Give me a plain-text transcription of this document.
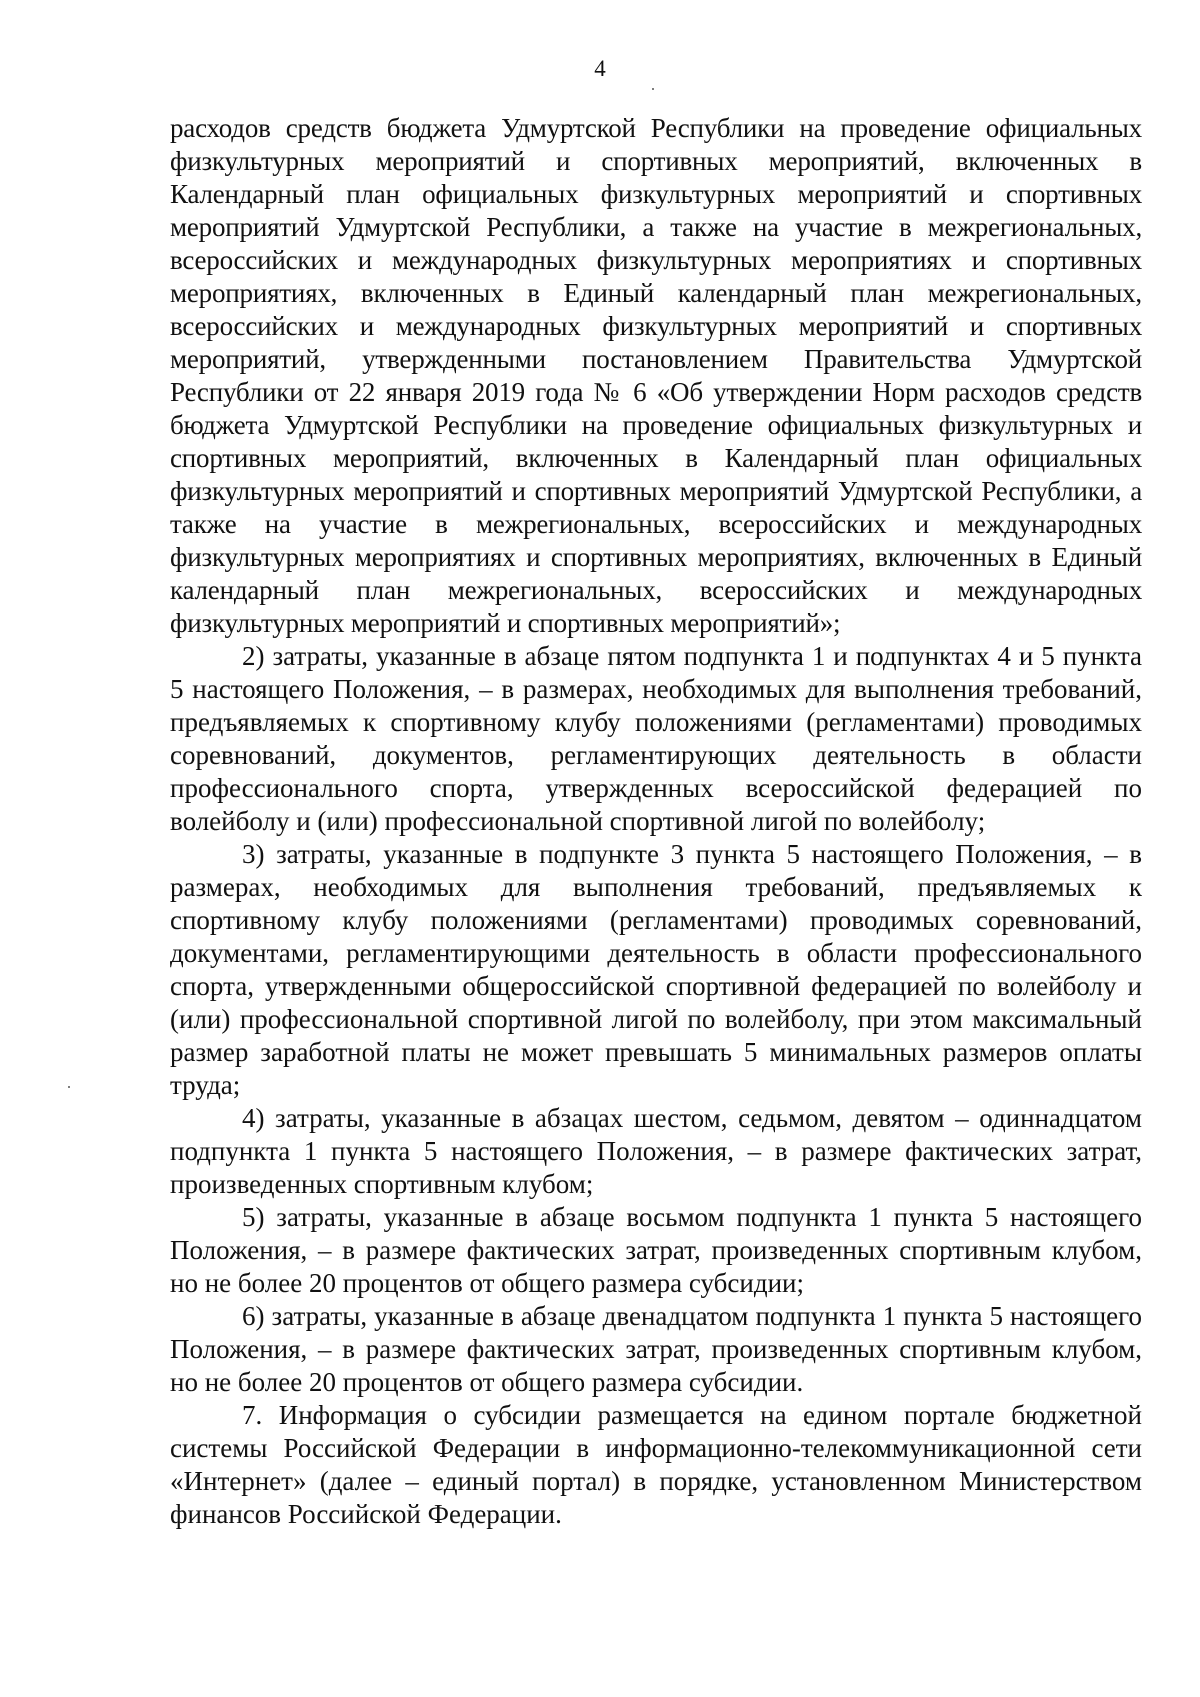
4

расходов средств бюджета Удмуртской Республики на проведение официальных физкультурных мероприятий и спортивных мероприятий, включенных в Календарный план официальных физкультурных мероприятий и спортивных мероприятий Удмуртской Республики, а также на участие в межрегиональных, всероссийских и международных физкультурных мероприятиях и спортивных мероприятиях, включенных в Единый календарный план межрегиональных, всероссийских и международных физкультурных мероприятий и спортивных мероприятий, утвержденными постановлением Правительства Удмуртской Республики от 22 января 2019 года № 6 «Об утверждении Норм расходов средств бюджета Удмуртской Республики на проведение официальных физкультурных и спортивных мероприятий, включенных в Календарный план официальных физкультурных мероприятий и спортивных мероприятий Удмуртской Республики, а также на участие в межрегиональных, всероссийских и международных физкультурных мероприятиях и спортивных мероприятиях, включенных в Единый календарный план межрегиональных, всероссийских и международных физкультурных мероприятий и спортивных мероприятий»;

2) затраты, указанные в абзаце пятом подпункта 1 и подпунктах 4 и 5 пункта 5 настоящего Положения, – в размерах, необходимых для выполнения требований, предъявляемых к спортивному клубу положениями (регламентами) проводимых соревнований, документов, регламентирующих деятельность в области профессионального спорта, утвержденных всероссийской федерацией по волейболу и (или) профессиональной спортивной лигой по волейболу;

3) затраты, указанные в подпункте 3 пункта 5 настоящего Положения, – в размерах, необходимых для выполнения требований, предъявляемых к спортивному клубу положениями (регламентами) проводимых соревнований, документами, регламентирующими деятельность в области профессионального спорта, утвержденными общероссийской спортивной федерацией по волейболу и (или) профессиональной спортивной лигой по волейболу, при этом максимальный размер заработной платы не может превышать 5 минимальных размеров оплаты труда;

4) затраты, указанные в абзацах шестом, седьмом, девятом – одиннадцатом подпункта 1 пункта 5 настоящего Положения, – в размере фактических затрат, произведенных спортивным клубом;

5) затраты, указанные в абзаце восьмом подпункта 1 пункта 5 настоящего Положения, – в размере фактических затрат, произведенных спортивным клубом, но не более 20 процентов от общего размера субсидии;

6) затраты, указанные в абзаце двенадцатом подпункта 1 пункта 5 настоящего Положения, – в размере фактических затрат, произведенных спортивным клубом, но не более 20 процентов от общего размера субсидии.

7. Информация о субсидии размещается на едином портале бюджетной системы Российской Федерации в информационно-телекоммуникационной сети «Интернет» (далее – единый портал) в порядке, установленном Министерством финансов Российской Федерации.
